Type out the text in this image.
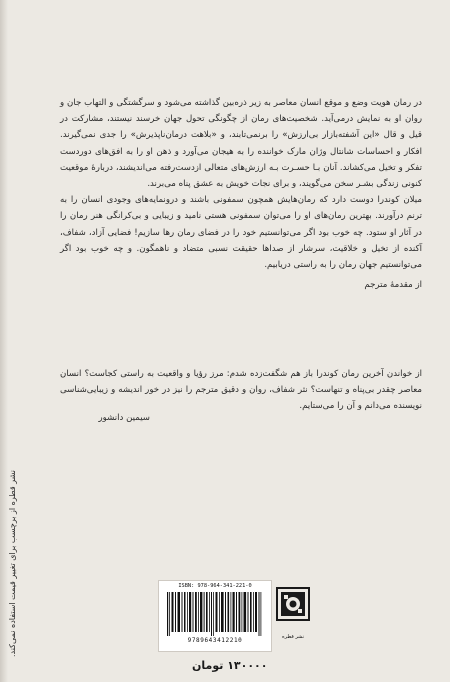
در رمان هویت وضع و موقع انسان معاصر به زیر ذره‌بین گذاشته می‌شود و سرگشتگی و التهاب جان و روان او به نمایش درمی‌آید. شخصیت‌های رمان از چگونگی تحول جهان خرسند نیستند، مشارکت در قیل و قال «این آشفته‌بازار بی‌ارزش» را برنمی‌تابند، و «بلاهت درمان‌ناپذیرش» را جدی نمی‌گیرند. افکار و احساسات شانتال وژان مارک خواننده را به هیجان می‌آورد و ذهن او را به افق‌های دوردست تفکر و تخیل می‌کشاند. آنان بـا حسـرت بـه ارزش‌های متعالی ازدست‌رفته می‌اندیشند، دربارهٔ موقعیت کنونی زندگی بشـر سخن می‌گویند، و برای نجات خویش به عشق پناه می‌برند.

میلان کوندرا دوست دارد که رمان‌هایش همچون سمفونی باشند و درونمایه‌های وجودی انسان را به ترنم درآورند. بهترین رمان‌های او را می‌توان سمفونی هستی نامید و زیبایی و بی‌کرانگی هنر رمان را در آثار او ستود. چه خوب بود اگر می‌توانستیم خود را در فضای رمان رها سازیم! فضایی آزاد، شفاف، آکنده از تخیل و خلاقیت، سرشار از صداها حقیقت نسبی متضاد و ناهمگون. و چه خوب بود اگر می‌توانستیم جهان رمان را به راستی دریابیم.

از مقدمهٔ مترجم

از خواندن آخرین رمان کوندرا باز هم شگفت‌زده شدم: مرز رؤیا و واقعیت به راستی کجاست؟ انسان معاصر چقدر بی‌پناه و تنهاست؟ نثر شفاف، روان و دقیق مترجم را نیز در خور اندیشه و زیبایی‌شناسی نویسنده می‌دانم و آن را می‌ستایم.

سیمین دانشور
نشر قطره از برچسب برای تغییر قیمت استفاده نمی‌کند.	ISBN: 978-964-341-221-0
9789643412210	نشر قطره
۱۳۰۰۰۰ تومان
